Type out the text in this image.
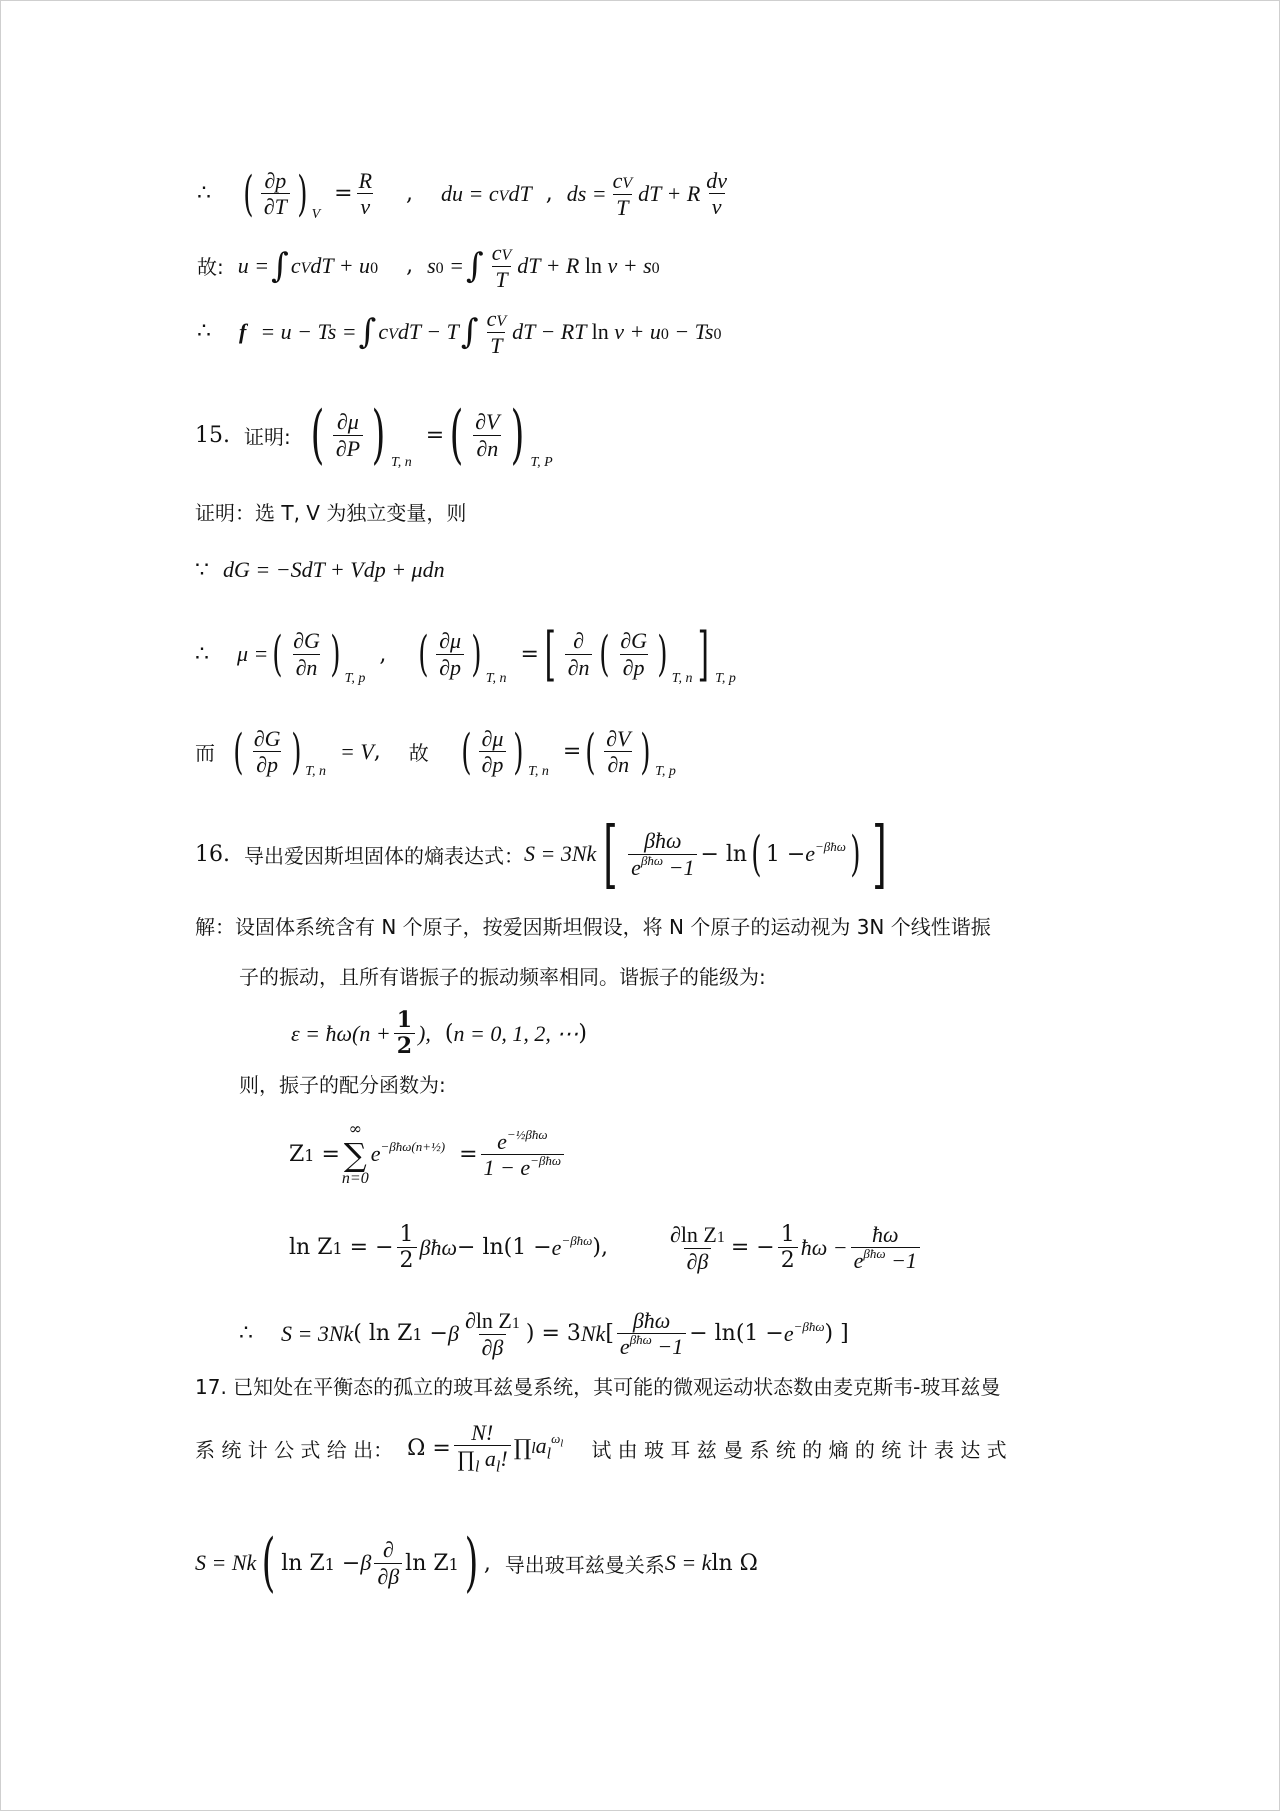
∴ ( $\frac{\partial p}{\partial T}$ ) V
= $\frac{R}{v}$ , du = cVdT , ds = $\frac{cV}{T}$ dT + R $\frac{dv}{v}$
故: u = ∫ cVdT + u0 , s0 = ∫ $\frac{cV}{T}$ dT + R ln v + s0
∴ f = u − Ts = ∫ cVdT − T ∫ $\frac{cV}{T}$ dT − RT ln v + u0 − Ts0
15. 证明: ( $\frac{\partial\mu}{\partial P}$ ) T, n
= ( $\frac{\partial V}{\partial n}$ ) T, P
证明：选 T, V 为独立变量，则
∵ dG = −SdT + Vdp + μdn
∴ μ = ( $\frac{\partial G}{\partial n}$ ) T, p
, ( $\frac{\partial\mu}{\partial p}$ ) T, n
= [ $\frac{\partial}{\partial n}$ ( $\frac{\partial G}{\partial p}$ ) T, n ] T, p
而 ( $\frac{\partial G}{\partial p}$ ) T, n
= V , 故 ( $\frac{\partial\mu}{\partial p}$ ) T, n
= ( $\frac{\partial V}{\partial n}$ ) T, p
16. 导出爱因斯坦固体的熵表达式： S = 3Nk [ $\frac{\text{βħω}}{e^{\beta ħ\omega} -1} - \ln$ ( $1 - e^{-\beta ħ\omega}$ ) ]
解：设固体系统含有 N 个原子，按爱因斯坦假设，将 N 个原子的运动视为 3N 个线性谐振
子的振动，且所有谐振子的振动频率相同。谐振子的能级为:
ε = ħω(n + $\frac{1}{2}$ ), ( n = 0, 1, 2, ⋯ )
则，振子的配分函数为:
Z1 =
∞
∑
n=0
$e^{-\beta ħ\omega(n+\frac{1}{2})} = \frac{e^{-\frac{1}{2}\beta ħ\omega}}{1 - e^{-\beta ħ\omega}}$
ln Z1 = − $\frac{1}{2}$ βħω − $\ln(1 - e^{-\beta ħ\omega}$ ),	$\frac{\text{∂ln Z1}}{\partial\beta}$ = − $\frac{1}{2}$ ħω − $\frac{ħ\omega}{e^{\beta ħ\omega} -1}$
∴ S = 3Nk ( ln Z1 − β $\frac{\text{∂ln Z1}}{\partial\beta}$ ) = 3 Nk [ $\frac{\text{βħω}}{e^{\beta ħ\omega} -1} - \ln(1 - e^{-\beta ħ\omega}$ ) ]
17. 已知处在平衡态的孤立的玻耳兹曼系统，其可能的微观运动状态数由麦克斯韦-玻耳兹曼
系 统 计 公 式 给 出： $\Omega = \frac{N!}{\prod_l a_l!}$ ∏ l $a_l^{\omega_l}$ 试 由 玻 耳 兹 曼 系 统 的 熵 的 统 计 表 达 式
S = Nk ( ln Z1 − β $\frac{\partial}{\partial\beta}$ ln Z1 ) , 导出玻耳兹曼关系 S = k ln Ω
